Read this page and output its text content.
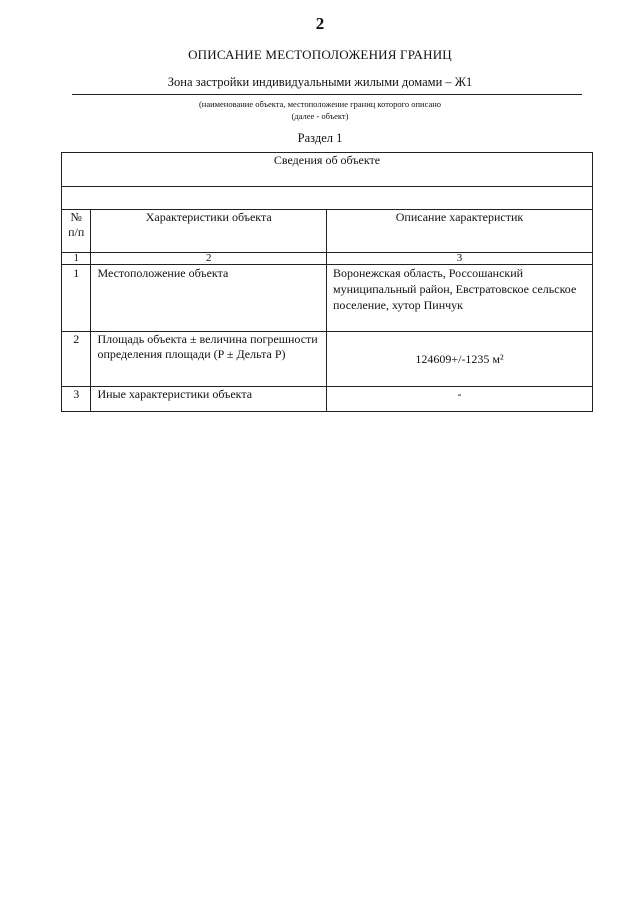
2
ОПИСАНИЕ МЕСТОПОЛОЖЕНИЯ ГРАНИЦ
Зона застройки индивидуальными жилыми домами – Ж1
(наименование объекта, местоположение границ которого описано
(далее - объект)
Раздел 1
Сведения об объекте		

№ п/п	Характеристики объекта	Описание характеристик
1	2	3
1	Местоположение объекта	Воронежская область, Россошанский муниципальный район, Евстратовское сельское поселение, хутор Пинчук
2	Площадь объекта ± величина погрешности определения площади (P ± Дельта P)	124609+/-1235 м²
3	Иные характеристики объекта	-
